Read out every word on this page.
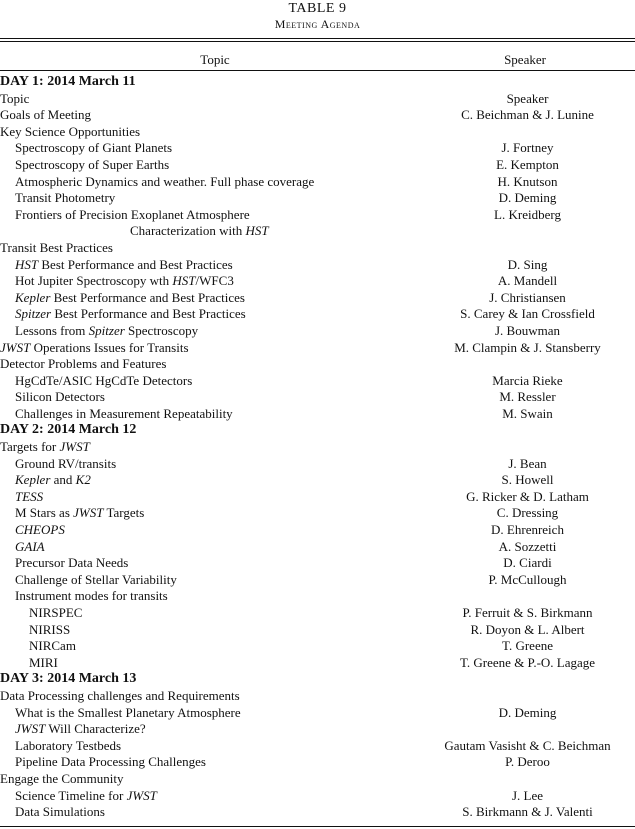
TABLE 9
Meeting Agenda
Topic	Speaker
DAY 1: 2014 March 11
Topic	Speaker
Goals of Meeting	C. Beichman & J. Lunine
Key Science Opportunities
Spectroscopy of Giant Planets	J. Fortney
Spectroscopy of Super Earths	E. Kempton
Atmospheric Dynamics and weather. Full phase coverage	H. Knutson
Transit Photometry	D. Deming
Frontiers of Precision Exoplanet Atmosphere	L. Kreidberg
Characterization with HST
Transit Best Practices
HST Best Performance and Best Practices	D. Sing
Hot Jupiter Spectroscopy wth HST/WFC3	A. Mandell
Kepler Best Performance and Best Practices	J. Christiansen
Spitzer Best Performance and Best Practices	S. Carey & Ian Crossfield
Lessons from Spitzer Spectroscopy	J. Bouwman
JWST Operations Issues for Transits	M. Clampin & J. Stansberry
Detector Problems and Features
HgCdTe/ASIC HgCdTe Detectors	Marcia Rieke
Silicon Detectors	M. Ressler
Challenges in Measurement Repeatability	M. Swain
DAY 2: 2014 March 12
Targets for JWST
Ground RV/transits	J. Bean
Kepler and K2	S. Howell
TESS	G. Ricker & D. Latham
M Stars as JWST Targets	C. Dressing
CHEOPS	D. Ehrenreich
GAIA	A. Sozzetti
Precursor Data Needs	D. Ciardi
Challenge of Stellar Variability	P. McCullough
Instrument modes for transits
NIRSPEC	P. Ferruit & S. Birkmann
NIRISS	R. Doyon & L. Albert
NIRCam	T. Greene
MIRI	T. Greene & P.-O. Lagage
DAY 3: 2014 March 13
Data Processing challenges and Requirements
What is the Smallest Planetary Atmosphere	D. Deming
JWST Will Characterize?
Laboratory Testbeds	Gautam Vasisht & C. Beichman
Pipeline Data Processing Challenges	P. Deroo
Engage the Community
Science Timeline for JWST	J. Lee
Data Simulations	S. Birkmann & J. Valenti
